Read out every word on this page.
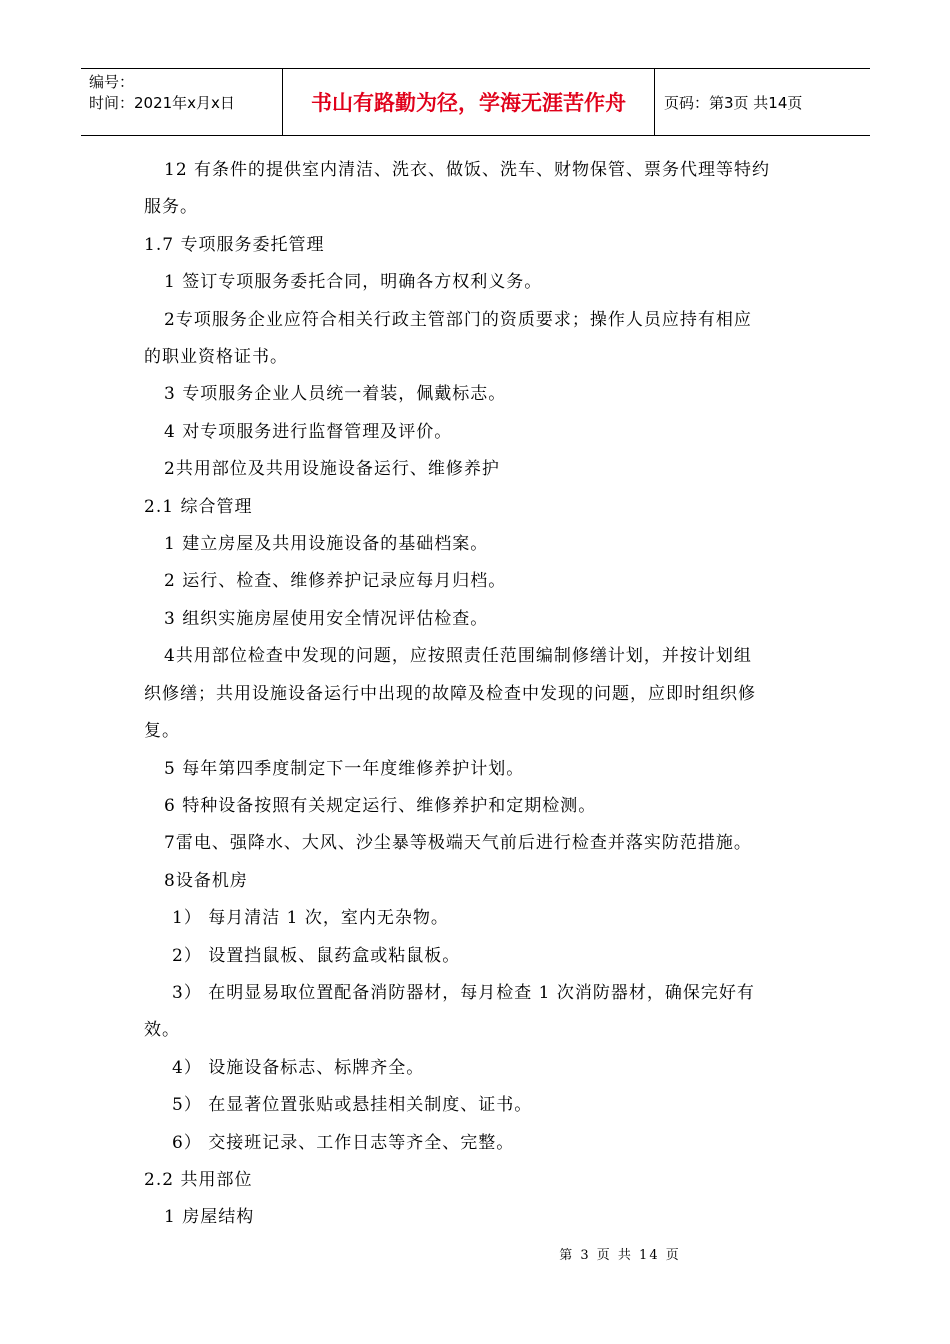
编号：
时间：2021年x月x日	书山有路勤为径，学海无涯苦作舟	页码：第3页 共14页
12 有条件的提供室内清洁、洗衣、做饭、洗车、财物保管、票务代理等特约
服务。
1.7 专项服务委托管理
1 签订专项服务委托合同，明确各方权利义务。
2专项服务企业应符合相关行政主管部门的资质要求；操作人员应持有相应
的职业资格证书。
3 专项服务企业人员统一着装，佩戴标志。
4 对专项服务进行监督管理及评价。
2共用部位及共用设施设备运行、维修养护
2.1 综合管理
1 建立房屋及共用设施设备的基础档案。
2 运行、检查、维修养护记录应每月归档。
3 组织实施房屋使用安全情况评估检查。
4共用部位检查中发现的问题，应按照责任范围编制修缮计划，并按计划组
织修缮；共用设施设备运行中出现的故障及检查中发现的问题，应即时组织修
复。
5 每年第四季度制定下一年度维修养护计划。
6 特种设备按照有关规定运行、维修养护和定期检测。
7雷电、强降水、大风、沙尘暴等极端天气前后进行检查并落实防范措施。
8设备机房
1） 每月清洁 1 次，室内无杂物。
2） 设置挡鼠板、鼠药盒或粘鼠板。
3） 在明显易取位置配备消防器材，每月检查 1 次消防器材，确保完好有
效。
4） 设施设备标志、标牌齐全。
5） 在显著位置张贴或悬挂相关制度、证书。
6） 交接班记录、工作日志等齐全、完整。
2.2 共用部位
1 房屋结构
第 3 页 共 14 页
